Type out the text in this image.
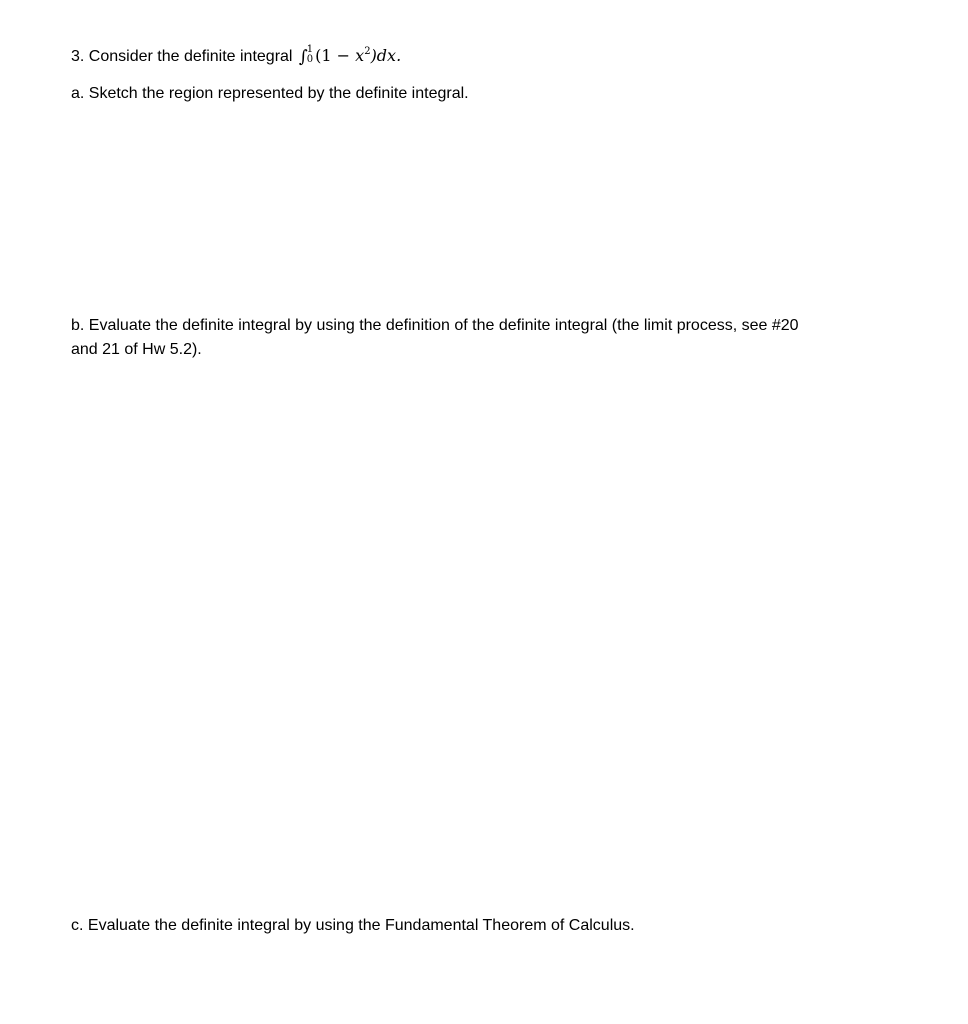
3. Consider the definite integral ∫ 1
0 $(1 - x^2)dx$.
a. Sketch the region represented by the definite integral.
b. Evaluate the definite integral by using the definition of the definite integral (the limit process, see #20
and 21 of Hw 5.2).
c. Evaluate the definite integral by using the Fundamental Theorem of Calculus.
